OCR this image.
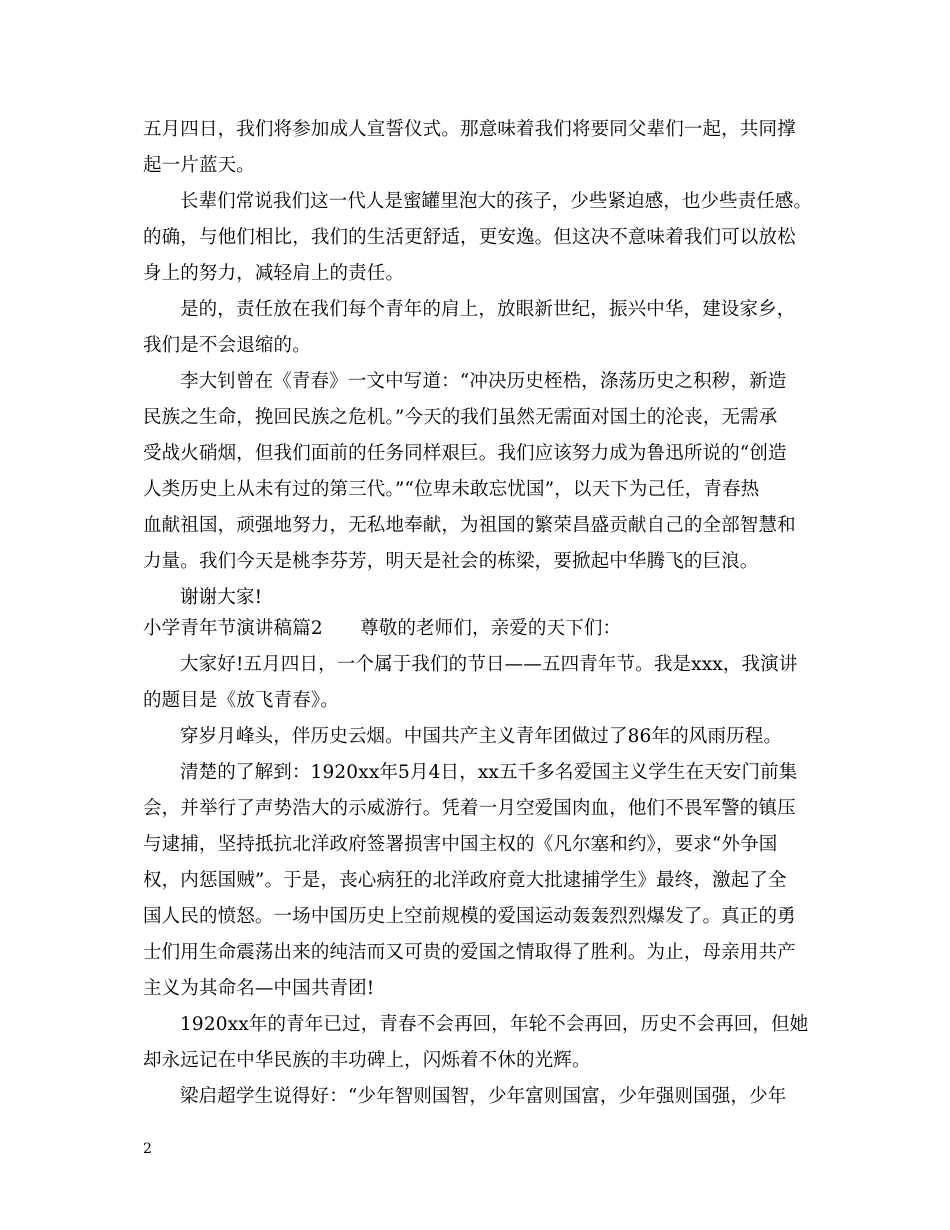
五月四日，我们将参加成人宣誓仪式。那意味着我们将要同父辈们一起，共同撑
起一片蓝天。
长辈们常说我们这一代人是蜜罐里泡大的孩子，少些紧迫感，也少些责任感。
的确，与他们相比，我们的生活更舒适，更安逸。但这决不意味着我们可以放松
身上的努力，减轻肩上的责任。
是的，责任放在我们每个青年的肩上，放眼新世纪，振兴中华，建设家乡，
我们是不会退缩的。
李大钊曾在《青春》一文中写道：“冲决历史桎梏，涤荡历史之积秽，新造
民族之生命，挽回民族之危机。”今天的我们虽然无需面对国土的沦丧，无需承
受战火硝烟，但我们面前的任务同样艰巨。我们应该努力成为鲁迅所说的“创造
人类历史上从未有过的第三代。”“位卑未敢忘忧国”，以天下为己任，青春热
血献祖国，顽强地努力，无私地奉献，为祖国的繁荣昌盛贡献自己的全部智慧和
力量。我们今天是桃李芬芳，明天是社会的栋梁，要掀起中华腾飞的巨浪。
谢谢大家!
小学青年节演讲稿篇2　　尊敬的老师们，亲爱的天下们：
大家好!五月四日，一个属于我们的节日——五四青年节。我是xxx，我演讲
的题目是《放飞青春》。
穿岁月峰头，伴历史云烟。中国共产主义青年团做过了86年的风雨历程。
清楚的了解到：1920xx年5月4日，xx五千多名爱国主义学生在天安门前集
会，并举行了声势浩大的示威游行。凭着一月空爱国肉血，他们不畏军警的镇压
与逮捕，坚持抵抗北洋政府签署损害中国主权的《凡尔塞和约》，要求“外争国
权，内惩国贼”。于是，丧心病狂的北洋政府竟大批逮捕学生》最终，激起了全
国人民的愤怒。一场中国历史上空前规模的爱国运动轰轰烈烈爆发了。真正的勇
士们用生命震荡出来的纯洁而又可贵的爱国之情取得了胜利。为止，母亲用共产
主义为其命名—中国共青团!
1920xx年的青年已过，青春不会再回，年轮不会再回，历史不会再回，但她
却永远记在中华民族的丰功碑上，闪烁着不休的光辉。
梁启超学生说得好：“少年智则国智，少年富则国富，少年强则国强，少年
2
